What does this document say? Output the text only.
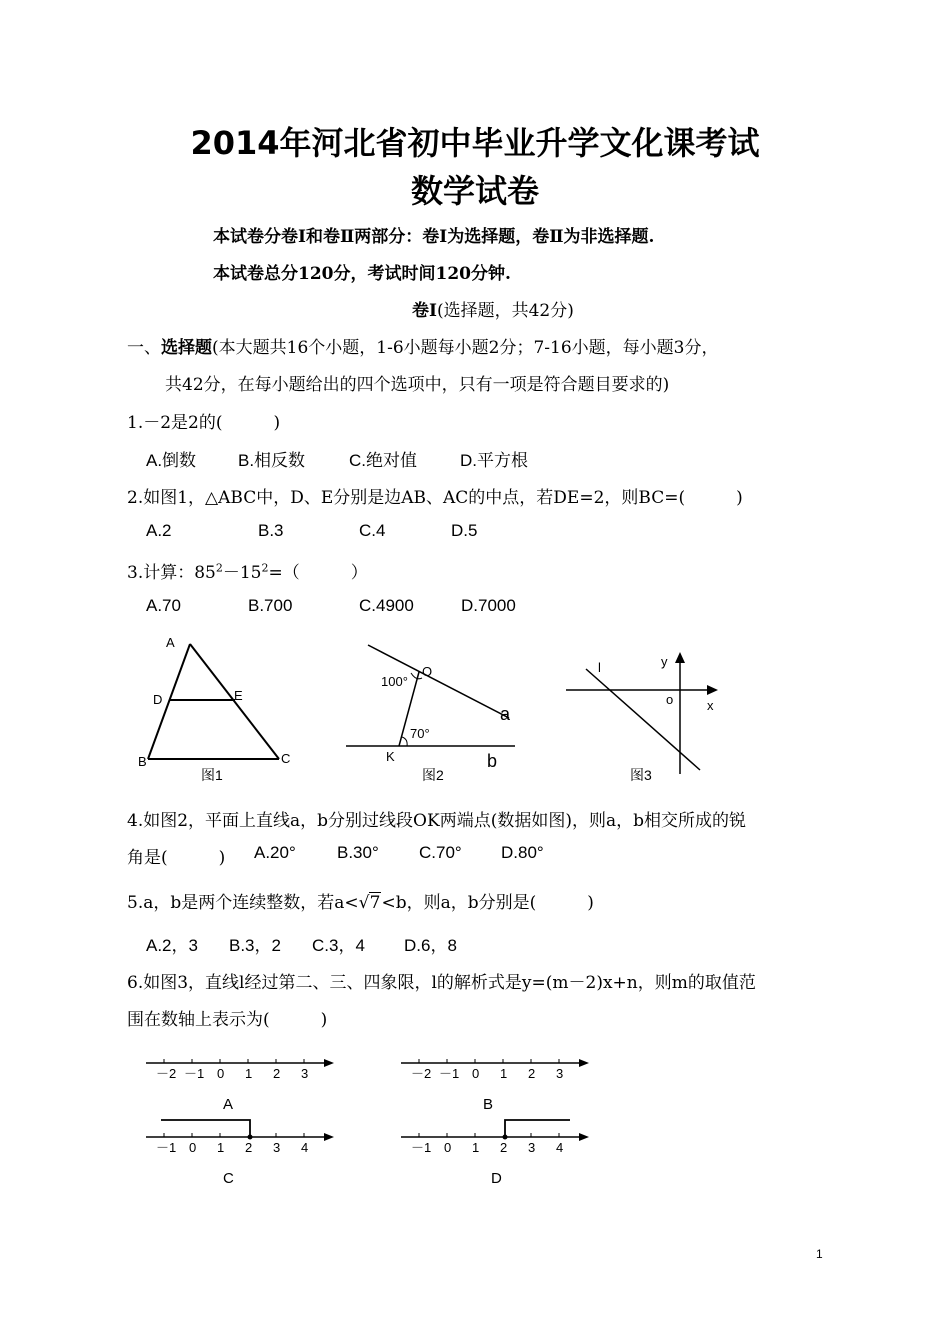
2014年河北省初中毕业升学文化课考试
数学试卷
本试卷分卷Ⅰ和卷Ⅱ两部分：卷Ⅰ为选择题，卷Ⅱ为非选择题.
本试卷总分120分，考试时间120分钟.
卷Ⅰ(选择题，共42分)
一、选择题(本大题共16个小题，1-6小题每小题2分；7-16小题，每小题3分，
共42分，在每小题给出的四个选项中，只有一项是符合题目要求的)
1.－2是2的(　　　)
A.倒数 B.相反数	C.绝对值	D.平方根
2.如图1，△ABC中，D、E分别是边AB、AC的中点，若DE=2，则BC=(　　　)
A.2	B.3	C.4	D.5
3.计算：$85^2-15^2=$（　　　）
A.70	B.700	C.4900	D.7000
A
D	E
B	C
图1
O
100°
70°
a
K	b
图2
l	y
o	x
图3
4.如图2，平面上直线a，b分别过线段OK两端点(数据如图)，则a，b相交所成的锐
角是(　　　) A.20° B.30° C.70° D.80°
5.a，b是两个连续整数，若a< √ 7<b，则a，b分别是(　　　)
A.2，3 B.3，2 C.3，4 D.6，8
6.如图3，直线l经过第二、三、四象限，l的解析式是y=(m－2)x+n，则m的取值范
围在数轴上表示为(　　　)
－2 －1 0 1 2 3
A
－2 －1 0 1 2 3
B
－1 0 1 2 3 4
C
－1 0 1 2 3 4
D
1
